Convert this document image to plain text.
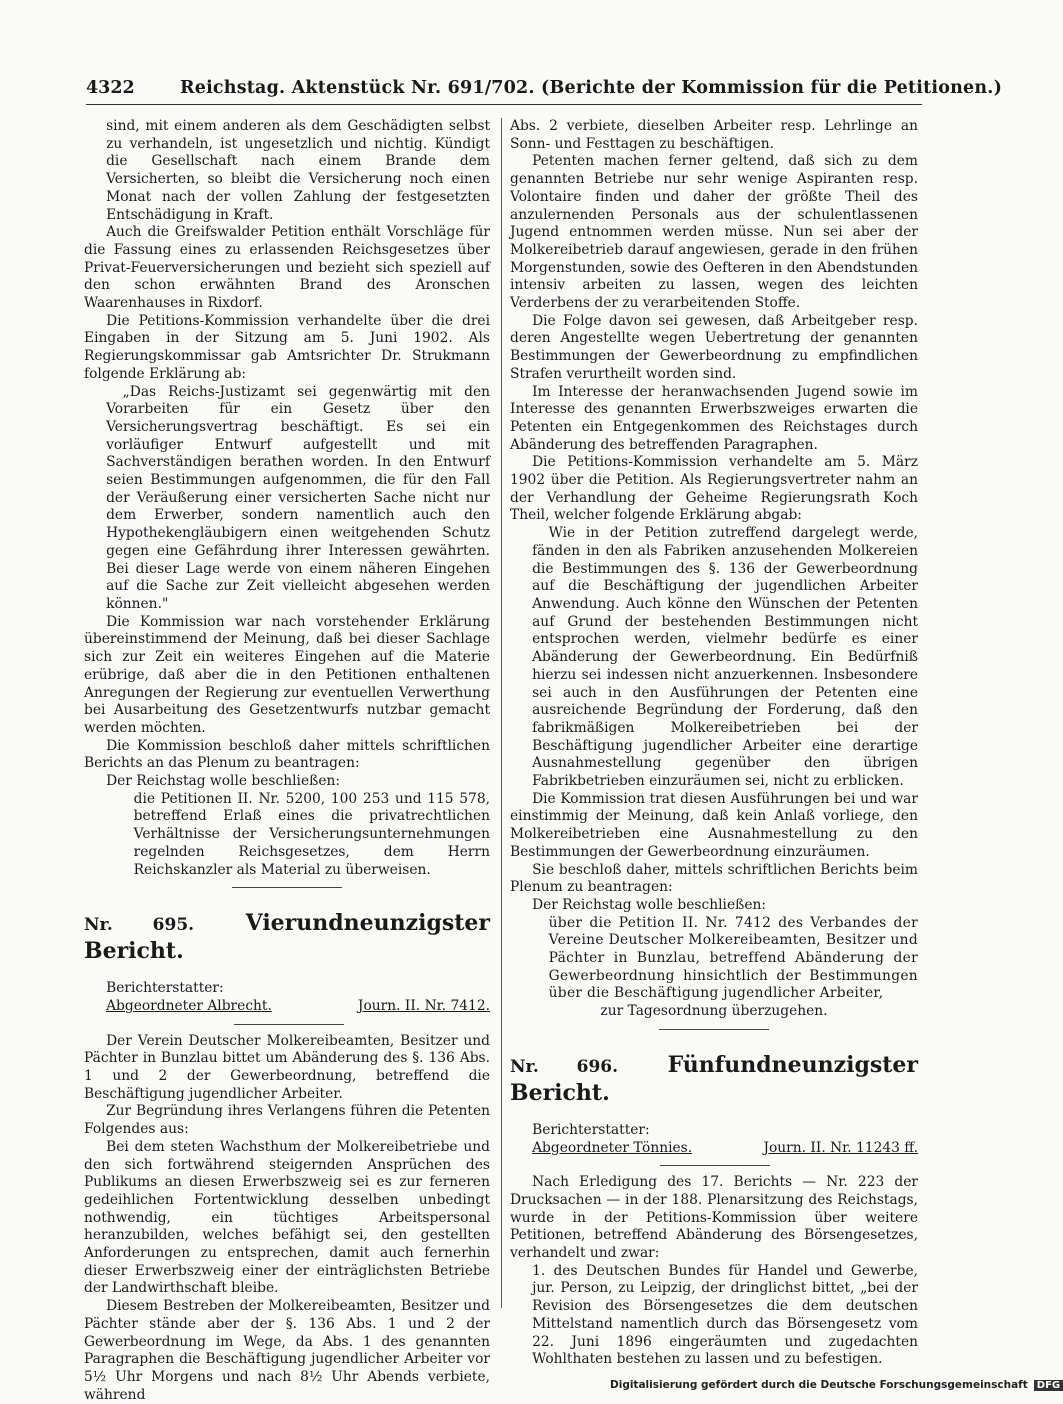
4322	Reichstag. Aktenstück Nr. 691/702. (Berichte der Kommission für die Petitionen.)

sind, mit einem anderen als dem Geschädigten selbst zu verhandeln, ist ungesetzlich und nichtig. Kündigt die Gesellschaft nach einem Brande dem Versicherten, so bleibt die Versicherung noch einen Monat nach der vollen Zahlung der festgesetzten Entschädigung in Kraft.

Auch die Greifswalder Petition enthält Vorschläge für die Fassung eines zu erlassenden Reichsgesetzes über Privat-Feuerversicherungen und bezieht sich speziell auf den schon erwähnten Brand des Aronschen Waarenhauses in Rixdorf.

Die Petitions-Kommission verhandelte über die drei Eingaben in der Sitzung am 5. Juni 1902. Als Regierungskommissar gab Amtsrichter Dr. Strukmann folgende Erklärung ab:

„Das Reichs-Justizamt sei gegenwärtig mit den Vorarbeiten für ein Gesetz über den Versicherungsvertrag beschäftigt. Es sei ein vorläufiger Entwurf aufgestellt und mit Sachverständigen berathen worden. In den Entwurf seien Bestimmungen aufgenommen, die für den Fall der Veräußerung einer versicherten Sache nicht nur dem Erwerber, sondern namentlich auch den Hypothekengläubigern einen weitgehenden Schutz gegen eine Gefährdung ihrer Interessen gewährten. Bei dieser Lage werde von einem näheren Eingehen auf die Sache zur Zeit vielleicht abgesehen werden können."

Die Kommission war nach vorstehender Erklärung übereinstimmend der Meinung, daß bei dieser Sachlage sich zur Zeit ein weiteres Eingehen auf die Materie erübrige, daß aber die in den Petitionen enthaltenen Anregungen der Regierung zur eventuellen Verwerthung bei Ausarbeitung des Gesetzentwurfs nutzbar gemacht werden möchten.

Die Kommission beschloß daher mittels schriftlichen Berichts an das Plenum zu beantragen:

Der Reichstag wolle beschließen:

die Petitionen II. Nr. 5200, 100 253 und 115 578, betreffend Erlaß eines die privatrechtlichen Verhältnisse der Versicherungsunternehmungen regelnden Reichsgesetzes, dem Herrn Reichskanzler als Material zu überweisen.

Nr. 695. Vierundneunzigster Bericht.

Berichterstatter:

Abgeordneter Albrecht.	Journ. II. Nr. 7412.

Der Verein Deutscher Molkereibeamten, Besitzer und Pächter in Bunzlau bittet um Abänderung des §. 136 Abs. 1 und 2 der Gewerbeordnung, betreffend die Beschäftigung jugendlicher Arbeiter.

Zur Begründung ihres Verlangens führen die Petenten Folgendes aus:

Bei dem steten Wachsthum der Molkereibetriebe und den sich fortwährend steigernden Ansprüchen des Publikums an diesen Erwerbszweig sei es zur ferneren gedeihlichen Fortentwicklung desselben unbedingt nothwendig, ein tüchtiges Arbeitspersonal heranzubilden, welches befähigt sei, den gestellten Anforderungen zu entsprechen, damit auch fernerhin dieser Erwerbszweig einer der einträglichsten Betriebe der Landwirthschaft bleibe.

Diesem Bestreben der Molkereibeamten, Besitzer und Pächter stände aber der §. 136 Abs. 1 und 2 der Gewerbeordnung im Wege, da Abs. 1 des genannten Paragraphen die Beschäftigung jugendlicher Arbeiter vor 5½ Uhr Morgens und nach 8½ Uhr Abends verbiete, während

Abs. 2 verbiete, dieselben Arbeiter resp. Lehrlinge an Sonn- und Festtagen zu beschäftigen.

Petenten machen ferner geltend, daß sich zu dem genannten Betriebe nur sehr wenige Aspiranten resp. Volontaire finden und daher der größte Theil des anzulernenden Personals aus der schulentlassenen Jugend entnommen werden müsse. Nun sei aber der Molkereibetrieb darauf angewiesen, gerade in den frühen Morgenstunden, sowie des Oefteren in den Abendstunden intensiv arbeiten zu lassen, wegen des leichten Verderbens der zu verarbeitenden Stoffe.

Die Folge davon sei gewesen, daß Arbeitgeber resp. deren Angestellte wegen Uebertretung der genannten Bestimmungen der Gewerbeordnung zu empfindlichen Strafen verurtheilt worden sind.

Im Interesse der heranwachsenden Jugend sowie im Interesse des genannten Erwerbszweiges erwarten die Petenten ein Entgegenkommen des Reichstages durch Abänderung des betreffenden Paragraphen.

Die Petitions-Kommission verhandelte am 5. März 1902 über die Petition. Als Regierungsvertreter nahm an der Verhandlung der Geheime Regierungsrath Koch Theil, welcher folgende Erklärung abgab:

Wie in der Petition zutreffend dargelegt werde, fänden in den als Fabriken anzusehenden Molkereien die Bestimmungen des §. 136 der Gewerbeordnung auf die Beschäftigung der jugendlichen Arbeiter Anwendung. Auch könne den Wünschen der Petenten auf Grund der bestehenden Bestimmungen nicht entsprochen werden, vielmehr bedürfe es einer Abänderung der Gewerbeordnung. Ein Bedürfniß hierzu sei indessen nicht anzuerkennen. Insbesondere sei auch in den Ausführungen der Petenten eine ausreichende Begründung der Forderung, daß den fabrikmäßigen Molkereibetrieben bei der Beschäftigung jugendlicher Arbeiter eine derartige Ausnahmestellung gegenüber den übrigen Fabrikbetrieben einzuräumen sei, nicht zu erblicken.

Die Kommission trat diesen Ausführungen bei und war einstimmig der Meinung, daß kein Anlaß vorliege, den Molkereibetrieben eine Ausnahmestellung zu den Bestimmungen der Gewerbeordnung einzuräumen.

Sie beschloß daher, mittels schriftlichen Berichts beim Plenum zu beantragen:

Der Reichstag wolle beschließen:

über die Petition II. Nr. 7412 des Verbandes der Vereine Deutscher Molkereibeamten, Besitzer und Pächter in Bunzlau, betreffend Abänderung der Gewerbeordnung hinsichtlich der Bestimmungen über die Beschäftigung jugendlicher Arbeiter,

zur Tagesordnung überzugehen.

Nr. 696. Fünfundneunzigster Bericht.

Berichterstatter:

Abgeordneter Tönnies.	Journ. II. Nr. 11243 ff.

Nach Erledigung des 17. Berichts — Nr. 223 der Drucksachen — in der 188. Plenarsitzung des Reichstags, wurde in der Petitions-Kommission über weitere Petitionen, betreffend Abänderung des Börsengesetzes, verhandelt und zwar:

1. des Deutschen Bundes für Handel und Gewerbe, jur. Person, zu Leipzig, der dringlichst bittet, „bei der Revision des Börsengesetzes die dem deutschen Mittelstand namentlich durch das Börsengesetz vom 22. Juni 1896 eingeräumten und zugedachten Wohlthaten bestehen zu lassen und zu befestigen.

Digitalisierung gefördert durch die Deutsche Forschungsgemeinschaft DFG
